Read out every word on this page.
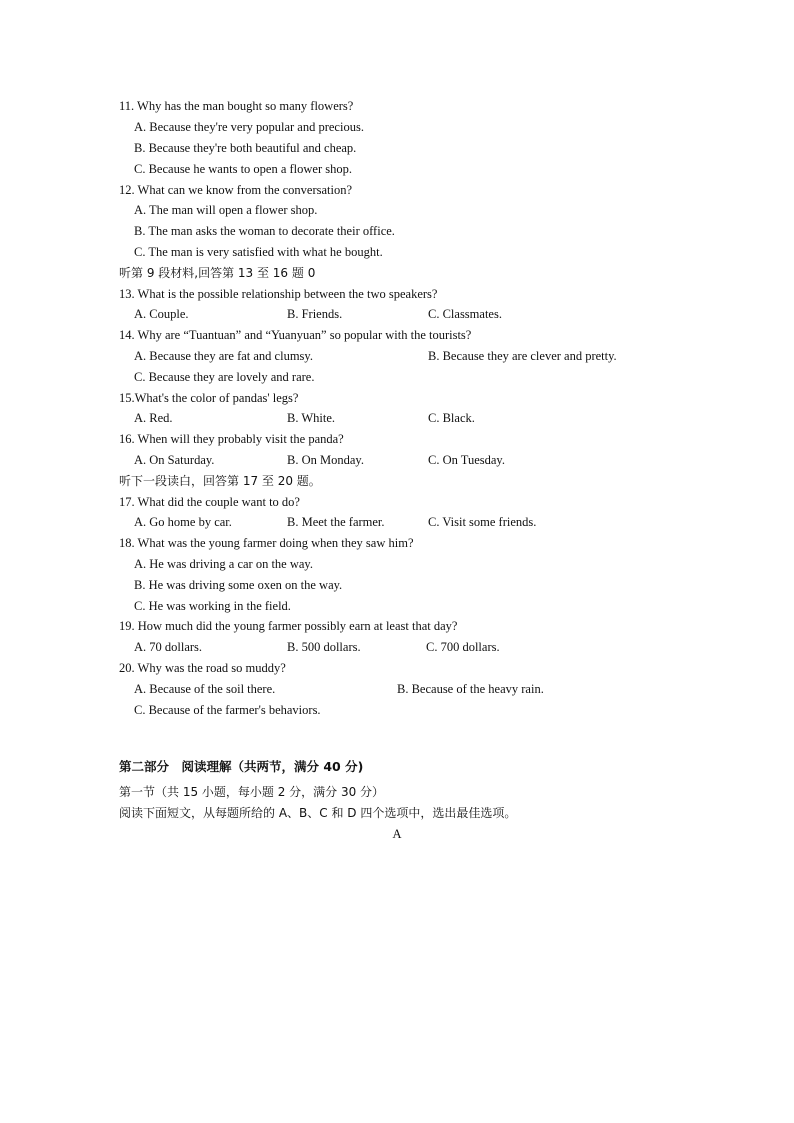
11. Why has the man bought so many flowers?
A. Because they're very popular and precious.
B. Because they're both beautiful and cheap.
C. Because he wants to open a flower shop.
12. What can we know from the conversation?
A. The man will open a flower shop.
B. The man asks the woman to decorate their office.
C. The man is very satisfied with what he bought.
听第 9 段材料,回答第 13 至 16 题 0
13. What is the possible relationship between the two speakers?
A. Couple.	B. Friends.	C. Classmates.
14. Why are “Tuantuan” and “Yuanyuan” so popular with the tourists?
A. Because they are fat and clumsy.	B. Because they are clever and pretty.
C. Because they are lovely and rare.
15.What's the color of pandas' legs?
A. Red.	B. White.	C. Black.
16. When will they probably visit the panda?
A. On Saturday.	B. On Monday.	C. On Tuesday.
听下一段读白，回答第 17 至 20 题。
17. What did the couple want to do?
A. Go home by car.	B. Meet the farmer.	C. Visit some friends.
18. What was the young farmer doing when they saw him?
A. He was driving a car on the way.
B. He was driving some oxen on the way.
C. He was working in the field.
19. How much did the young farmer possibly earn at least that day?
A. 70 dollars.	B. 500 dollars.	C. 700 dollars.
20. Why was the road so muddy?
A. Because of the soil there.	B. Because of the heavy rain.
C. Because of the farmer's behaviors.
第二部分　阅读理解（共两节，满分 40 分)
第一节（共 15 小题，每小题 2 分，满分 30 分）
阅读下面短文，从每题所给的 A、B、C 和 D 四个选项中，选出最佳选项。
A
